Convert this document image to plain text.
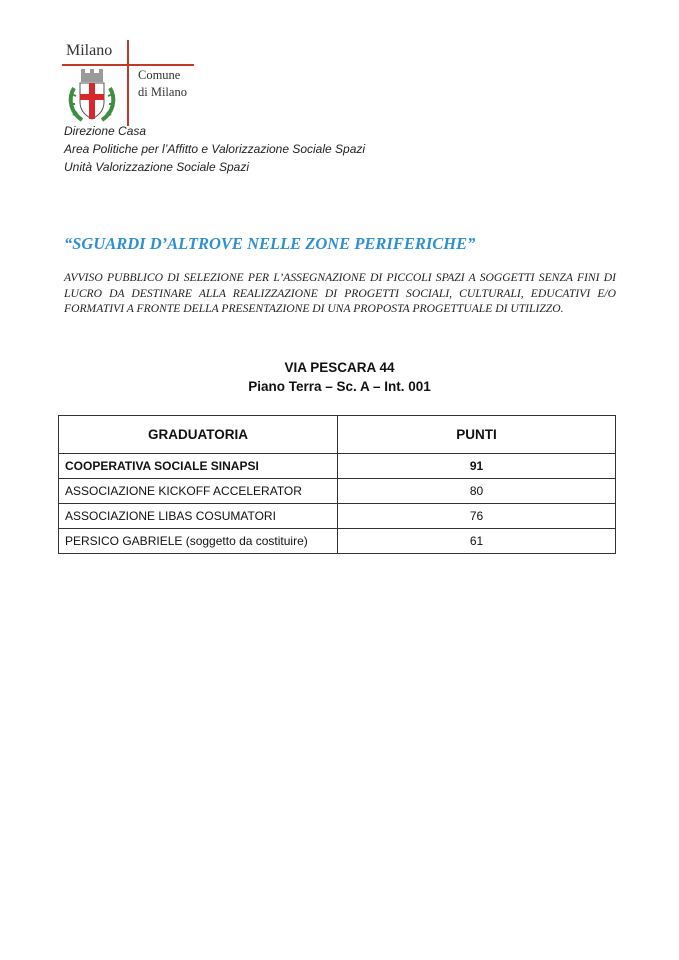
Milano
Comune
di Milano
Direzione Casa
Area Politiche per l’Affitto e Valorizzazione Sociale Spazi
Unità Valorizzazione Sociale Spazi
“SGUARDI D’ALTROVE NELLE ZONE PERIFERICHE”
AVVISO PUBBLICO DI SELEZIONE PER L’ASSEGNAZIONE DI PICCOLI SPAZI A SOGGETTI SENZA FINI DI LUCRO DA DESTINARE ALLA REALIZZAZIONE DI PROGETTI SOCIALI, CULTURALI, EDUCATIVI E/O FORMATIVI A FRONTE DELLA PRESENTAZIONE DI UNA PROPOSTA PROGETTUALE DI UTILIZZO.
VIA PESCARA 44
Piano Terra – Sc. A – Int. 001
GRADUATORIA	PUNTI
COOPERATIVA SOCIALE SINAPSI	91
ASSOCIAZIONE KICKOFF ACCELERATOR	80
ASSOCIAZIONE LIBAS COSUMATORI	76
PERSICO GABRIELE (soggetto da costituire)	61
